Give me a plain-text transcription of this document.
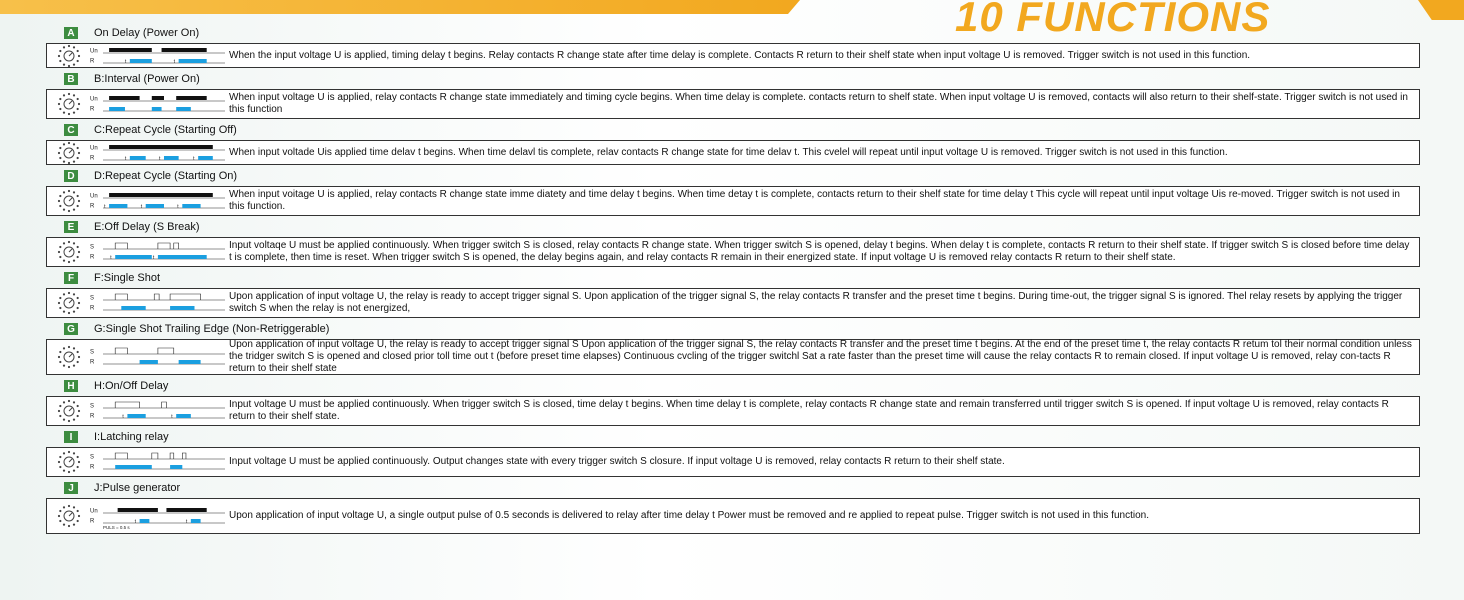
10 FUNCTIONS
A	On Delay (Power On)
Un
R	t	t
When the input voltage U is applied, timing delay t begins. Relay contacts R change state after time delay is complete. Contacts R return to their shelf state when input voltage U is removed. Trigger switch is not used in this function.
B	B:Interval (Power On)
Un
R
When input voltage U is applied, relay contacts R change state immediately and timing cycle begins. When time delay is complete. contacts return to shelf state. When input voltage U is removed, contacts will also return to their shelf-state. Trigger switch is not used in this function
C	C:Repeat Cycle (Starting Off)
Un
R	t	t	t
When input voltade Uis applied time delav t begins. When time delavl tis complete, relav contacts R change state for time delav t. This cvelel will repeat until input voltage U is removed. Trigger switch is not used in this function.
D	D:Repeat Cycle (Starting On)
Un
R t	t	t
When input voitage U is applied, relay contacts R change state imme diatety and time delay t begins. When time detay t is complete, contacts return to their shelf state for time delay t This cycle will repeat until input voltage Uis re-moved. Trigger switch is not used in this function.
E	E:Off Delay (S Break)
S
R	t	t
Input voltaqe U must be applied continuously. When trigger switch S is closed, relay contacts R change state. When trigger switch S is opened, delay t begins. When delay t is complete, contacts R return to their shelf state. If trigger switch S is closed before time delay t is complete, then time is reset. When trigger switch S is opened, the delay begins again, and relay contacts R remain in their energized state. If input voltage U is removed relay contacts R return to their shelf state.
F	F:Single Shot
S
R
Upon application of input voltage U, the relay is ready to accept trigger signal S. Upon application of the trigger signal S, the relay contacts R transfer and the preset time t begins. During time-out, the trigger signal S is ignored. Thel relay resets by applying the trigger switch S when the relay is not energized,
G G:Single Shot Trailing Edge (Non-Retriggerable)
S
R
Upon application of input voltage U, the relay is ready to accept trigger signal S Upon application of the trigger signal S, the relay contacts R transfer and the preset time t begins. At the end of the preset time t, the relay contacts R retum tol their normal condition unless the tridger switch S is opened and closed prior toll time out t (before preset time elapses) Continuous cvcling of the trigger switchl Sat a rate faster than the preset time will cause the relay contacts R to remain closed. If input voltage U is removed, relay con-tacts R return to their shelf state
H	H:On/Off Delay
S
R	t	t
Input voltage U must be applied continuously. When trigger switch S is closed, time delay t begins. When time delay t is complete, relay contacts R change state and remain transferred until trigger switch S is opened. If input voltage U is removed, relay contacts R return to their shelf state.
I	I:Latching relay
S
R
Input voltage U must be applied continuously. Output changes state with every trigger switch S closure. If input voltage U is removed, relay contacts R return to their shelf state.
J	J:Pulse generator
Un
R	t	t
PULS = 0.5 s
Upon application of input voltage U, a single output pulse of 0.5 seconds is delivered to relay after time delay t Power must be removed and re applied to repeat pulse. Trigger switch is not used in this function.
